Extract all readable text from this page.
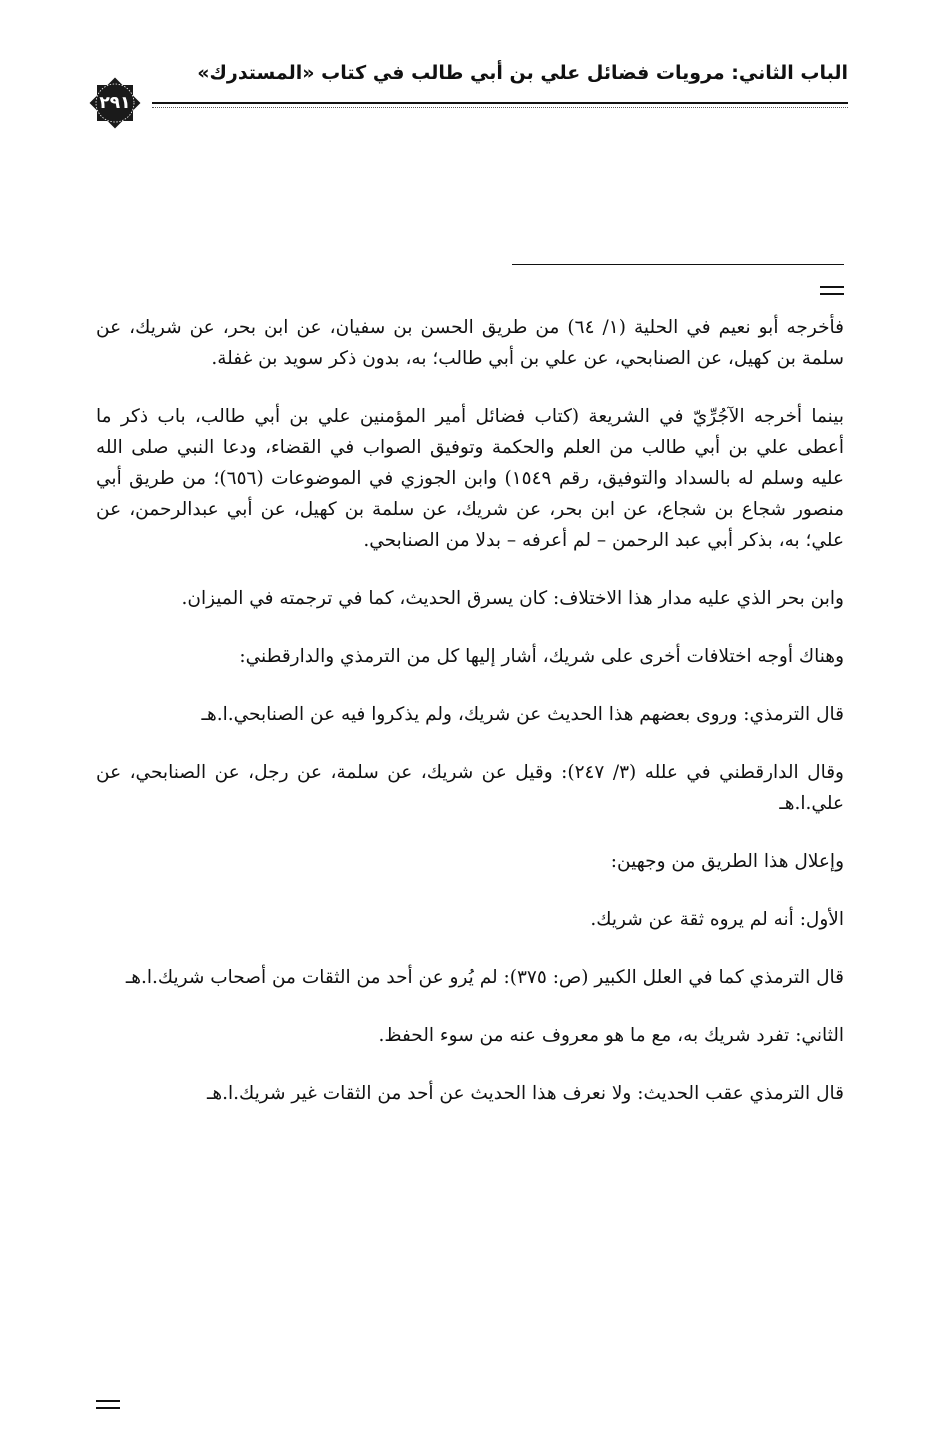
الباب الثاني: مرويات فضائل علي بن أبي طالب في كتاب «المستدرك»
٢٩١

فأخرجه أبو نعيم في الحلية (١/ ٦٤) من طريق الحسن بن سفيان، عن ابن بحر، عن شريك، عن سلمة بن كهيل، عن الصنابحي، عن علي بن أبي طالب؛ به، بدون ذكر سويد بن غفلة.

بينما أخرجه الآجُرِّيّ في الشريعة (كتاب فضائل أمير المؤمنين علي بن أبي طالب، باب ذكر ما أعطى علي بن أبي طالب من العلم والحكمة وتوفيق الصواب في القضاء، ودعا النبي صلى الله عليه وسلم له بالسداد والتوفيق، رقم ١٥٤٩) وابن الجوزي في الموضوعات (٦٥٦)؛ من طريق أبي منصور شجاع بن شجاع، عن ابن بحر، عن شريك، عن سلمة بن كهيل، عن أبي عبدالرحمن، عن علي؛ به، بذكر أبي عبد الرحمن – لم أعرفه – بدلا من الصنابحي.

وابن بحر الذي عليه مدار هذا الاختلاف: كان يسرق الحديث، كما في ترجمته في الميزان.

وهناك أوجه اختلافات أخرى على شريك، أشار إليها كل من الترمذي والدارقطني:

قال الترمذي: وروى بعضهم هذا الحديث عن شريك، ولم يذكروا فيه عن الصنابحي.ا.هـ

وقال الدارقطني في علله (٣/ ٢٤٧): وقيل عن شريك، عن سلمة، عن رجل، عن الصنابحي، عن علي.ا.هـ

وإعلال هذا الطريق من وجهين:

الأول: أنه لم يروه ثقة عن شريك.

قال الترمذي كما في العلل الكبير (ص: ٣٧٥): لم يُرو عن أحد من الثقات من أصحاب شريك.ا.هـ

الثاني: تفرد شريك به، مع ما هو معروف عنه من سوء الحفظ.

قال الترمذي عقب الحديث: ولا نعرف هذا الحديث عن أحد من الثقات غير شريك.ا.هـ
